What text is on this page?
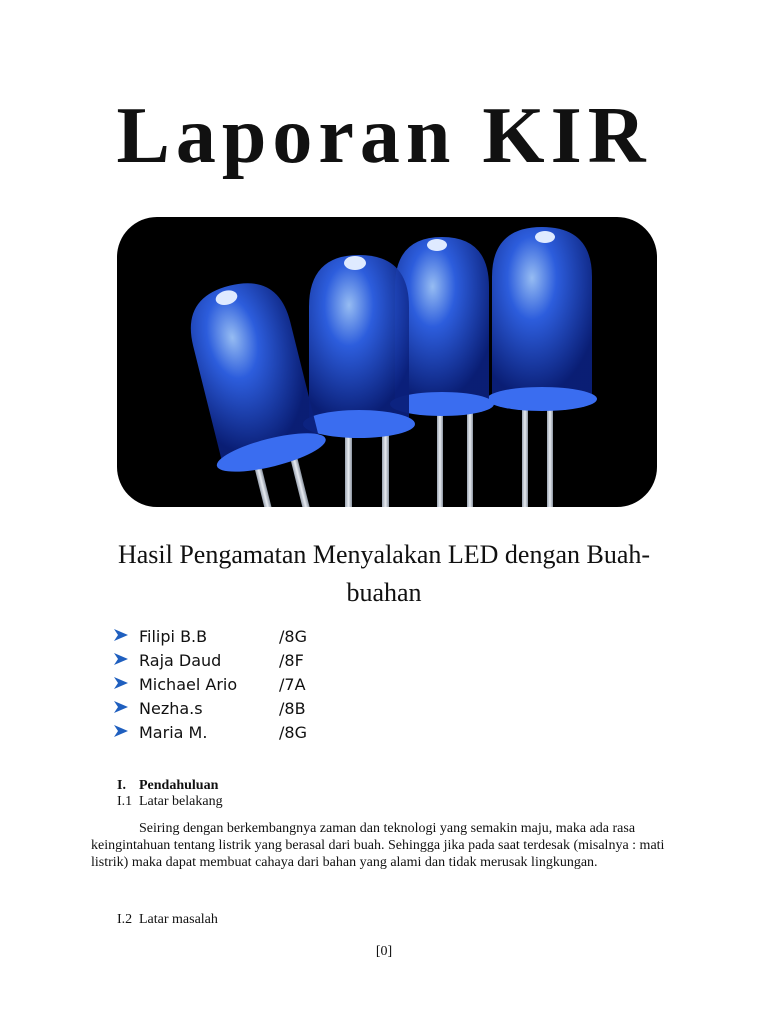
Laporan KIR

Hasil Pengamatan Menyalakan LED dengan Buah-buahan

Filipi B.B	/8G
Raja Daud	/8F
Michael Ario	/7A
Nezha.s	/8B
Maria M.	/8G
I. Pendahuluan
I.1 Latar belakang

Seiring dengan berkembangnya zaman dan teknologi yang semakin maju, maka ada rasa keingintahuan tentang listrik yang berasal dari buah. Sehingga jika pada saat terdesak (misalnya : mati listrik) maka dapat membuat cahaya dari bahan yang alami dan tidak merusak lingkungan.

I.2 Latar masalah
[0]
